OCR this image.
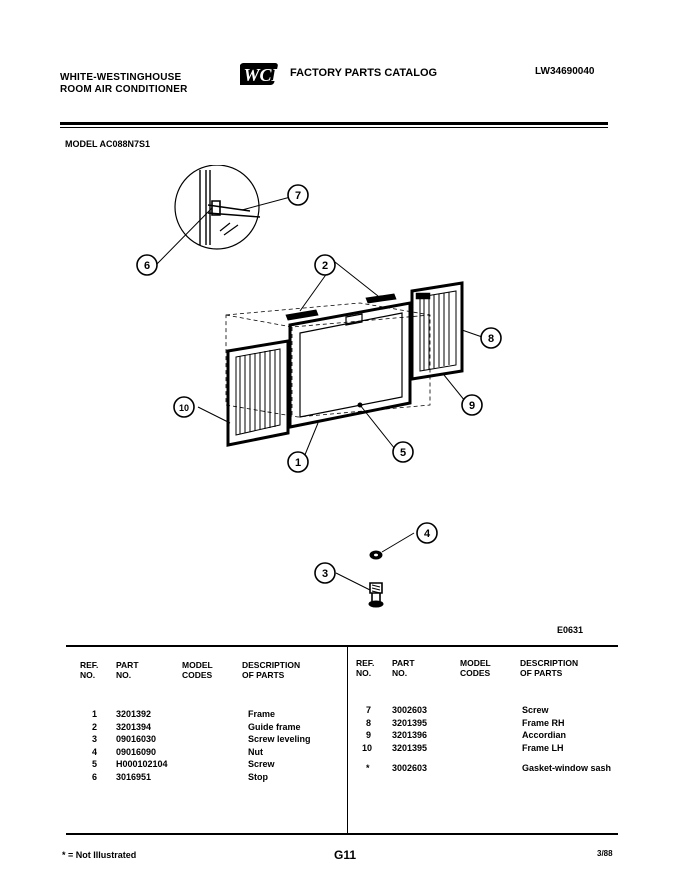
WHITE-WESTINGHOUSE
ROOM AIR CONDITIONER
WCI FACTORY PARTS CATALOG	LW34690040
MODEL AC088N7S1
7
6	2
8
10	9
1
5
4
3
E0631
REF.
NO.
PART
NO.
MODEL
CODES
DESCRIPTION
OF PARTS
REF.
NO.
PART
NO.
MODEL
CODES
DESCRIPTION
OF PARTS
1 3201392	Frame
2 3201394	Guide frame
3 09016030	Screw leveling
4 09016090	Nut
5 H000102104	Screw
6 3016951	Stop
7 3002603	Screw
8 3201395	Frame RH
9 3201396	Accordian
10 3201395	Frame LH
* 3002603	Gasket-window sash
* = Not Illustrated	G11	3/88
